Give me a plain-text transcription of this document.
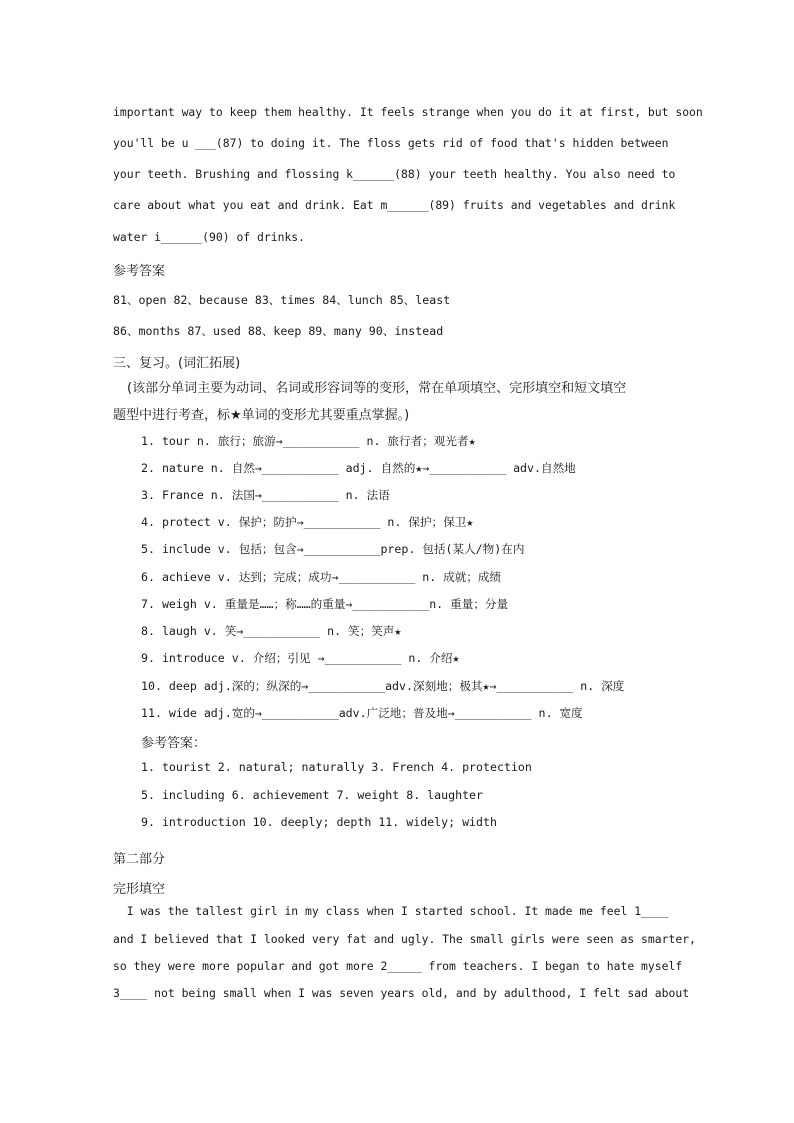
important way to keep them healthy. It feels strange when you do it at first, but soon
you'll be u ___(87) to doing it. The floss gets rid of food that's hidden between
your teeth. Brushing and flossing k______(88) your teeth healthy. You also need to
care about what you eat and drink. Eat m______(89) fruits and vegetables and drink
water i______(90) of drinks.
参考答案
81、open 82、because 83、times 84、lunch 85、least
86、months 87、used 88、keep 89、many 90、instead
三、复习。(词汇拓展)
(该部分单词主要为动词、名词或形容词等的变形，常在单项填空、完形填空和短文填空
题型中进行考查，标★单词的变形尤其要重点掌握。)
1. tour n. 旅行；旅游→___________ n. 旅行者；观光者★
2. nature n. 自然→___________ adj. 自然的★→___________ adv.自然地
3. France n. 法国→___________ n. 法语
4. protect v. 保护；防护→___________ n. 保护；保卫★
5. include v. 包括；包含→___________prep. 包括(某人/物)在内
6. achieve v. 达到；完成；成功→___________ n. 成就；成绩
7. weigh v. 重量是……；称……的重量→___________n. 重量；分量
8. laugh v. 笑→___________ n. 笑；笑声★
9. introduce v. 介绍；引见 →___________ n. 介绍★
10. deep adj.深的；纵深的→___________adv.深刻地；极其★→___________ n. 深度
11. wide adj.宽的→___________adv.广泛地；普及地→___________ n. 宽度
参考答案：
1. tourist 2. natural; naturally 3. French 4. protection
5. including 6. achievement 7. weight 8. laughter
9. introduction 10. deeply; depth 11. widely; width
第二部分
完形填空
I was the tallest girl in my class when I started school. It made me feel 1____
and I believed that I looked very fat and ugly. The small girls were seen as smarter,
so they were more popular and got more 2_____ from teachers. I began to hate myself
3____ not being small when I was seven years old, and by adulthood, I felt sad about
